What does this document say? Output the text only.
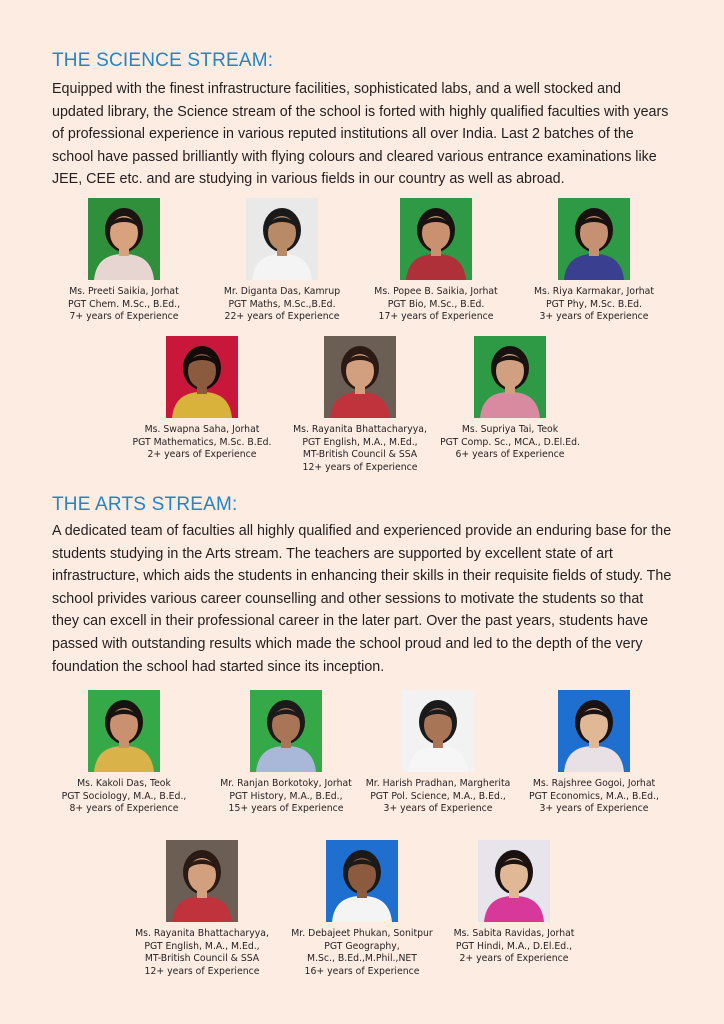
THE SCIENCE STREAM:

Equipped with the finest infrastructure facilities, sophisticated labs, and a well stocked and updated library, the Science stream of the school is forted with highly qualified faculties with years of professional experience in various reputed institutions all over India. Last 2 batches of the school have passed brilliantly with flying colours and cleared various entrance examinations like JEE, CEE etc. and are studying in various fields in our country as well as abroad.

Ms. Preeti Saikia, Jorhat
PGT Chem. M.Sc., B.Ed.,
7+ years of Experience
Mr. Diganta Das, Kamrup
PGT Maths, M.Sc.,B.Ed.
22+ years of Experience
Ms. Popee B. Saikia, Jorhat
PGT Bio, M.Sc., B.Ed.
17+ years of Experience
Ms. Riya Karmakar, Jorhat
PGT Phy, M.Sc. B.Ed.
3+ years of Experience
Ms. Swapna Saha, Jorhat
PGT Mathematics, M.Sc. B.Ed.
2+ years of Experience
Ms. Rayanita Bhattacharyya,
PGT English, M.A., M.Ed.,
MT-British Council & SSA
12+ years of Experience
Ms. Supriya Tai, Teok
PGT Comp. Sc., MCA., D.El.Ed.
6+ years of Experience
THE ARTS STREAM:

A dedicated team of faculties all highly qualified and experienced provide an enduring base for the students studying in the Arts stream. The teachers are supported by excellent state of art infrastructure, which aids the students in enhancing their skills in their requisite fields of study. The school privides various career counselling and other sessions to motivate the students so that they can excell in their professional career in the later part. Over the past years, students have passed with outstanding results which made the school proud and led to the depth of the very foundation the school had started since its inception.

Ms. Kakoli Das, Teok
PGT Sociology, M.A., B.Ed.,
8+ years of Experience
Mr. Ranjan Borkotoky, Jorhat
PGT History, M.A., B.Ed.,
15+ years of Experience
Mr. Harish Pradhan, Margherita
PGT Pol. Science, M.A., B.Ed.,
3+ years of Experience
Ms. Rajshree Gogoi, Jorhat
PGT Economics, M.A., B.Ed.,
3+ years of Experience
Ms. Rayanita Bhattacharyya,
PGT English, M.A., M.Ed.,
MT-British Council & SSA
12+ years of Experience
Mr. Debajeet Phukan, Sonitpur
PGT Geography,
M.Sc., B.Ed.,M.Phil.,NET
16+ years of Experience
Ms. Sabita Ravidas, Jorhat
PGT Hindi, M.A., D.El.Ed.,
2+ years of Experience
